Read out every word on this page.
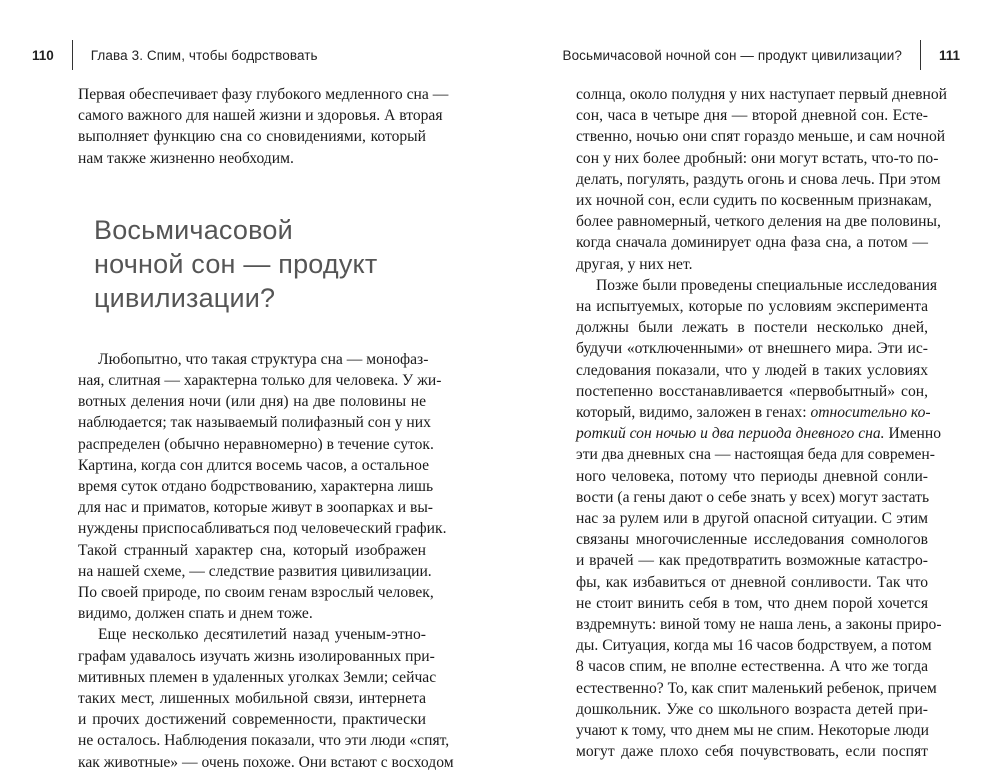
110	Глава 3. Спим, чтобы бодрствовать

Первая обеспечивает фазу глубокого медленного сна —
самого важного для нашей жизни и здоровья. А вторая
выполняет функцию сна со сновидениями, который
нам также жизненно необходим.

Восьмичасовой
ночной сон — продукт
цивилизации?

Любопытно, что такая структура сна — монофаз-
ная, слитная — характерна только для человека. У жи-
вотных деления ночи (или дня) на две половины не
наблюдается; так называемый полифазный сон у них
распределен (обычно неравномерно) в течение суток.
Картина, когда сон длится восемь часов, а остальное
время суток отдано бодрствованию, характерна лишь
для нас и приматов, которые живут в зоопарках и вы-
нуждены приспосабливаться под человеческий график.
Такой странный характер сна, который изображен
на нашей схеме, — следствие развития цивилизации.
По своей природе, по своим генам взрослый человек,
видимо, должен спать и днем тоже.

Еще несколько десятилетий назад ученым-этно-
графам удавалось изучать жизнь изолированных при-
митивных племен в удаленных уголках Земли; сейчас
таких мест, лишенных мобильной связи, интернета
и прочих достижений современности, практически
не осталось. Наблюдения показали, что эти люди «спят,
как животные» — очень похоже. Они встают с восходом

Восьмичасовой ночной сон — продукт цивилизации?	111

солнца, около полудня у них наступает первый дневной
сон, часа в четыре дня — второй дневной сон. Есте-
ственно, ночью они спят гораздо меньше, и сам ночной
сон у них более дробный: они могут встать, что-то по-
делать, погулять, раздуть огонь и снова лечь. При этом
их ночной сон, если судить по косвенным признакам,
более равномерный, четкого деления на две половины,
когда сначала доминирует одна фаза сна, а потом —
другая, у них нет.

Позже были проведены специальные исследования
на испытуемых, которые по условиям эксперимента
должны были лежать в постели несколько дней,
будучи «отключенными» от внешнего мира. Эти ис-
следования показали, что у людей в таких условиях
постепенно восстанавливается «первобытный» сон,
который, видимо, заложен в генах: относительно ко-
роткий сон ночью и два периода дневного сна. Именно
эти два дневных сна — настоящая беда для современ-
ного человека, потому что периоды дневной сонли-
вости (а гены дают о себе знать у всех) могут застать
нас за рулем или в другой опасной ситуации. С этим
связаны многочисленные исследования сомнологов
и врачей — как предотвратить возможные катастро-
фы, как избавиться от дневной сонливости. Так что
не стоит винить себя в том, что днем порой хочется
вздремнуть: виной тому не наша лень, а законы приро-
ды. Ситуация, когда мы 16 часов бодрствуем, а потом
8 часов спим, не вполне естественна. А что же тогда
естественно? То, как спит маленький ребенок, причем
дошкольник. Уже со школьного возраста детей при-
учают к тому, что днем мы не спим. Некоторые люди
могут даже плохо себя почувствовать, если поспят
